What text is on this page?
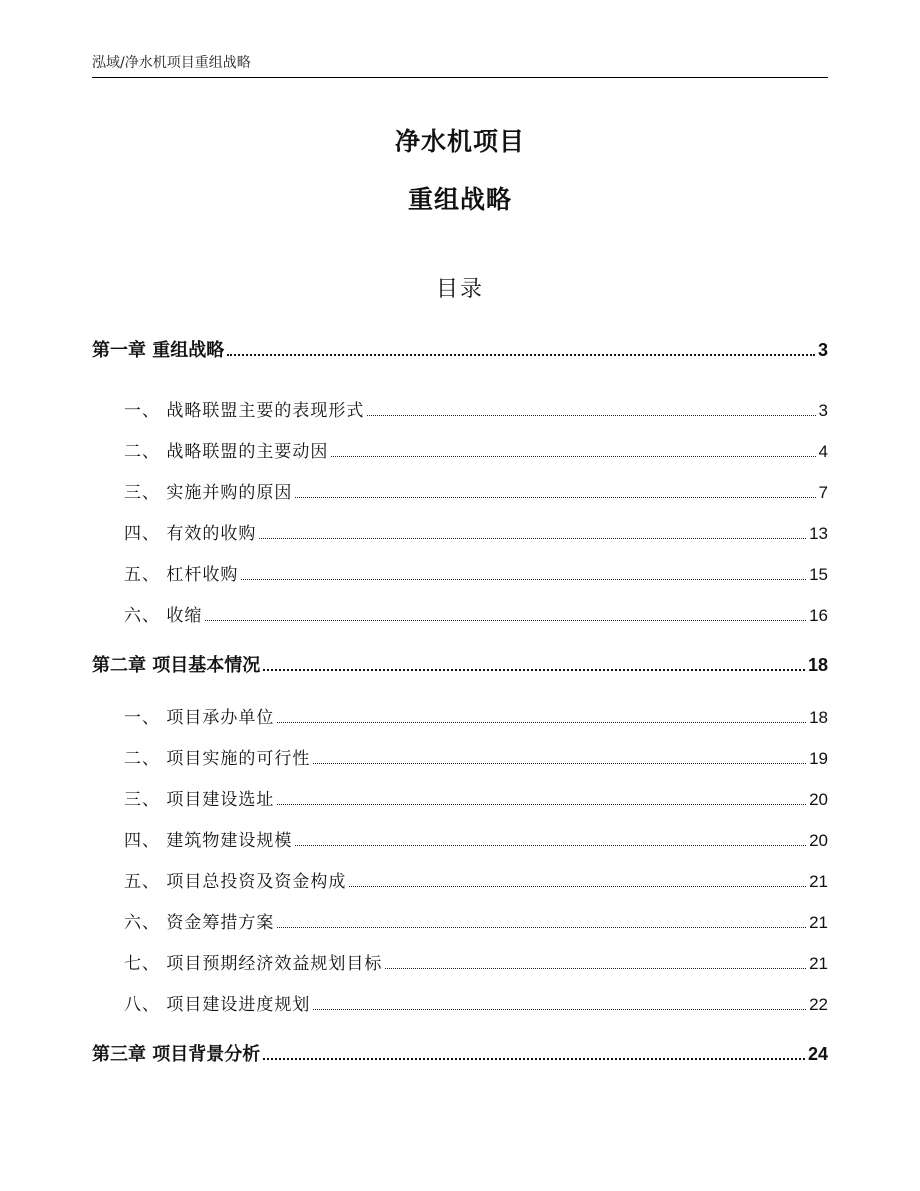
泓域/净水机项目重组战略
净水机项目
重组战略
目录
第一章 重组战略	3
一、 战略联盟主要的表现形式	3
二、 战略联盟的主要动因	4
三、 实施并购的原因	7
四、 有效的收购	13
五、 杠杆收购	15
六、 收缩	16
第二章 项目基本情况	18
一、 项目承办单位	18
二、 项目实施的可行性	19
三、 项目建设选址	20
四、 建筑物建设规模	20
五、 项目总投资及资金构成	21
六、 资金筹措方案	21
七、 项目预期经济效益规划目标	21
八、 项目建设进度规划	22
第三章 项目背景分析	24
